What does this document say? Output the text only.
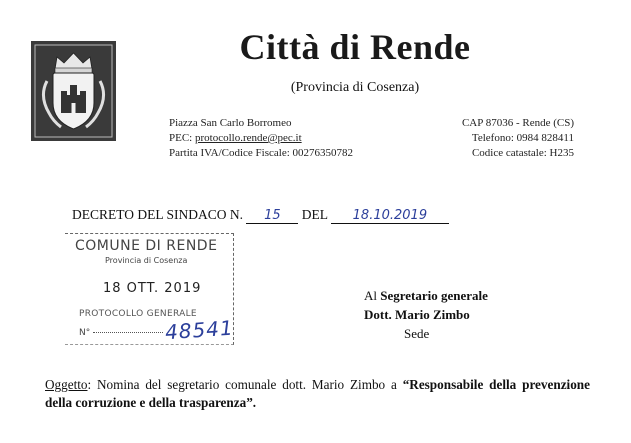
Città di Rende
(Provincia di Cosenza)
Piazza San Carlo Borromeo
PEC: protocollo.rende@pec.it
Partita IVA/Codice Fiscale: 00276350782
CAP 87036 - Rende (CS)
Telefono: 0984 828411
Codice catastale: H235
DECRETO DEL SINDACO N. 15 DEL 18.10.2019
COMUNE DI RENDE
Provincia di Cosenza
18 OTT. 2019
PROTOCOLLO GENERALE
N°	48541
Al Segretario generale
Dott. Mario Zimbo
Sede
Oggetto: Nomina del segretario comunale dott. Mario Zimbo a “Responsabile della prevenzione della corruzione e della trasparenza”.
